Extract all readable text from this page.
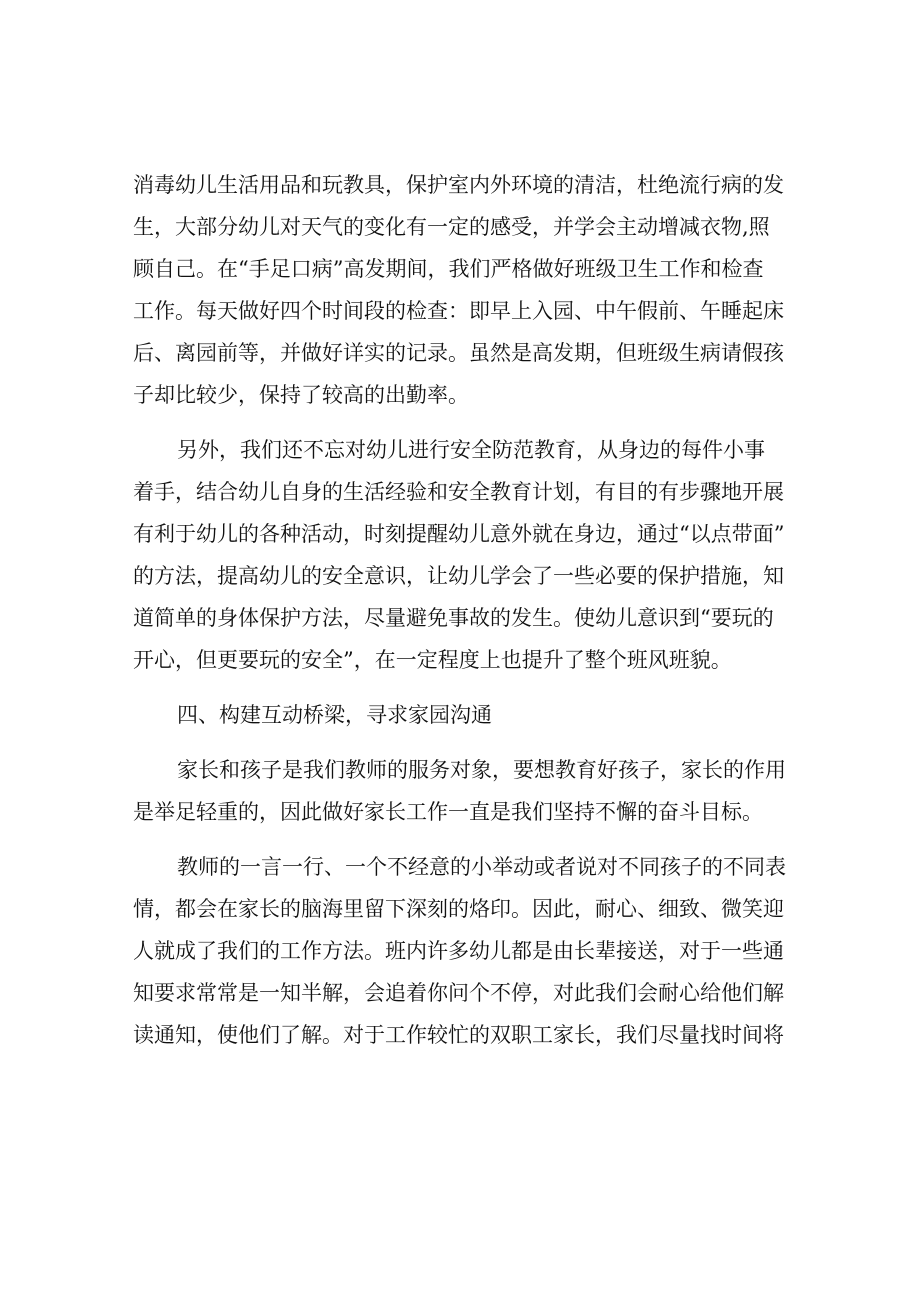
消毒幼儿生活用品和玩教具，保护室内外环境的清洁，杜绝流行病的发
生，大部分幼儿对天气的变化有一定的感受，并学会主动增减衣物,照
顾自己。在“手足口病”高发期间，我们严格做好班级卫生工作和检查
工作。每天做好四个时间段的检查：即早上入园、中午假前、午睡起床
后、离园前等，并做好详实的记录。虽然是高发期，但班级生病请假孩
子却比较少，保持了较高的出勤率。
另外，我们还不忘对幼儿进行安全防范教育，从身边的每件小事
着手，结合幼儿自身的生活经验和安全教育计划，有目的有步骤地开展
有利于幼儿的各种活动，时刻提醒幼儿意外就在身边，通过“以点带面”
的方法，提高幼儿的安全意识，让幼儿学会了一些必要的保护措施，知
道简单的身体保护方法，尽量避免事故的发生。使幼儿意识到“要玩的
开心，但更要玩的安全”，在一定程度上也提升了整个班风班貌。
四、构建互动桥梁，寻求家园沟通
家长和孩子是我们教师的服务对象，要想教育好孩子，家长的作用
是举足轻重的，因此做好家长工作一直是我们坚持不懈的奋斗目标。
教师的一言一行、一个不经意的小举动或者说对不同孩子的不同表
情，都会在家长的脑海里留下深刻的烙印。因此，耐心、细致、微笑迎
人就成了我们的工作方法。班内许多幼儿都是由长辈接送，对于一些通
知要求常常是一知半解，会追着你问个不停，对此我们会耐心给他们解
读通知，使他们了解。对于工作较忙的双职工家长，我们尽量找时间将
